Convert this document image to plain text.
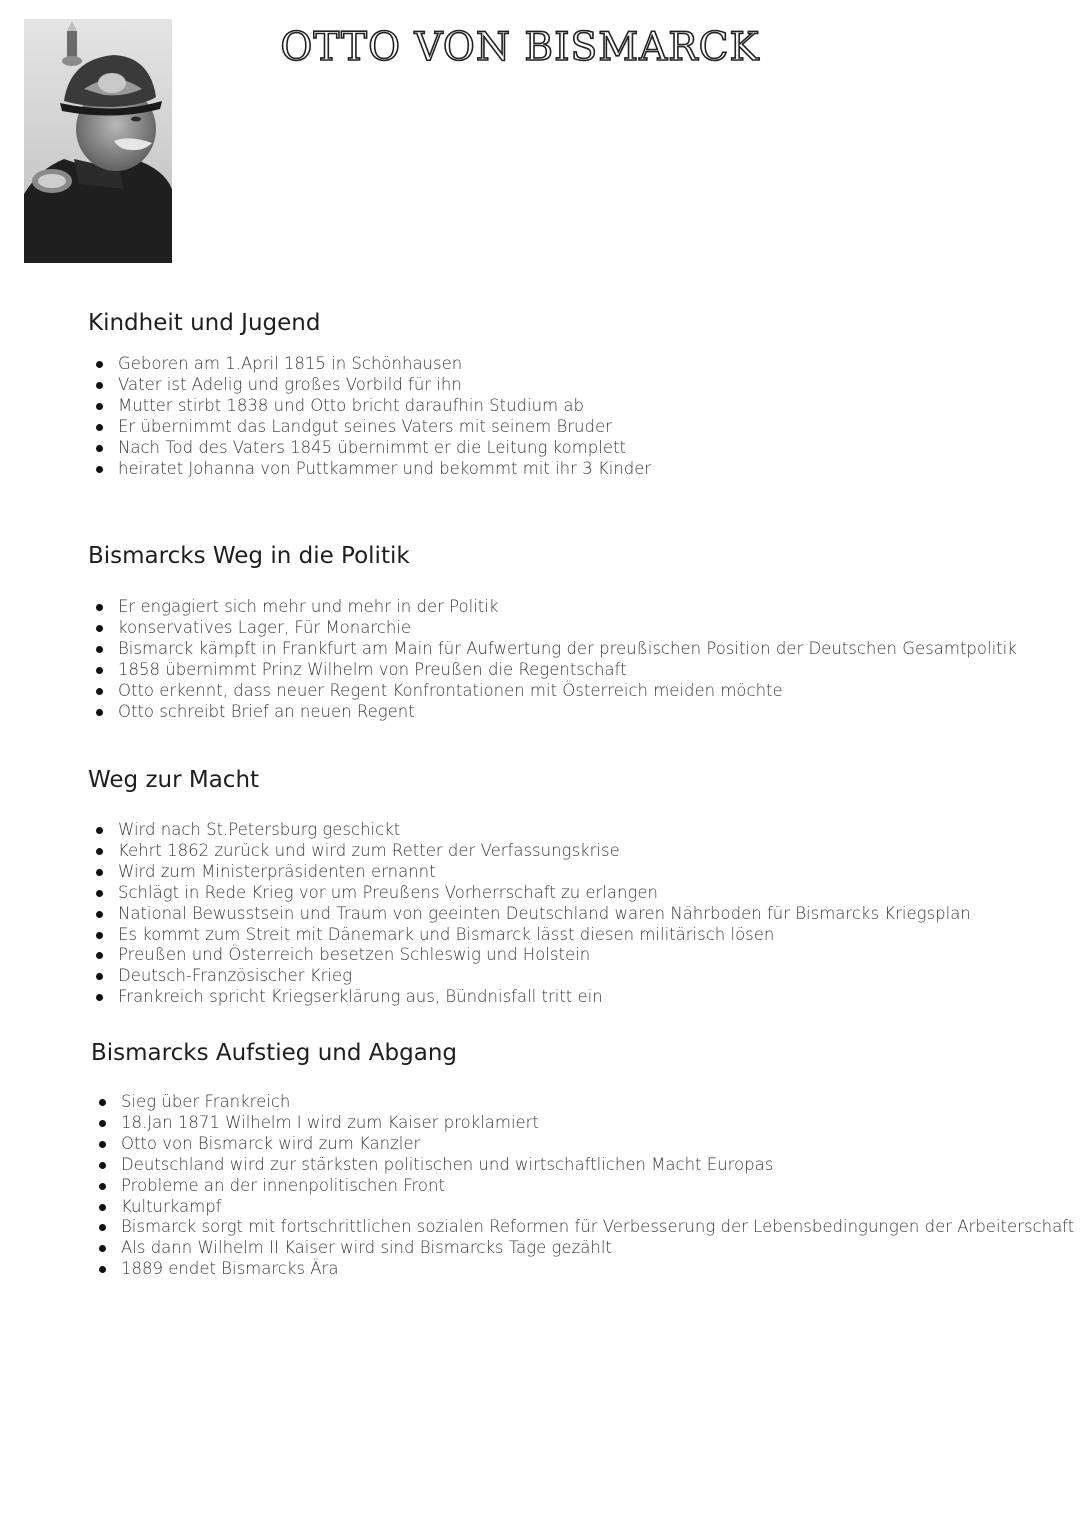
OTTO VON BISMARCK
Kindheit und Jugend
Geboren am 1.April 1815 in Schönhausen
Vater ist Adelig und großes Vorbild für ihn
Mutter stirbt 1838 und Otto bricht daraufhin Studium ab
Er übernimmt das Landgut seines Vaters mit seinem Bruder
Nach Tod des Vaters 1845 übernimmt er die Leitung komplett
heiratet Johanna von Puttkammer und bekommt mit ihr 3 Kinder
Bismarcks Weg in die Politik
Er engagiert sich mehr und mehr in der Politik
konservatives Lager, Für Monarchie
Bismarck kämpft in Frankfurt am Main für Aufwertung der preußischen Position der Deutschen Gesamtpolitik
1858 übernimmt Prinz Wilhelm von Preußen die Regentschaft
Otto erkennt, dass neuer Regent Konfrontationen mit Österreich meiden möchte
Otto schreibt Brief an neuen Regent
Weg zur Macht
Wird nach St.Petersburg geschickt
Kehrt 1862 zurück und wird zum Retter der Verfassungskrise
Wird zum Ministerpräsidenten ernannt
Schlägt in Rede Krieg vor um Preußens Vorherrschaft zu erlangen
National Bewusstsein und Traum von geeinten Deutschland waren Nährboden für Bismarcks Kriegsplan
Es kommt zum Streit mit Dänemark und Bismarck lässt diesen militärisch lösen
Preußen und Österreich besetzen Schleswig und Holstein
Deutsch-Französischer Krieg
Frankreich spricht Kriegserklärung aus, Bündnisfall tritt ein
Bismarcks Aufstieg und Abgang
Sieg über Frankreich
18.Jan 1871 Wilhelm I wird zum Kaiser proklamiert
Otto von Bismarck wird zum Kanzler
Deutschland wird zur stärksten politischen und wirtschaftlichen Macht Europas
Probleme an der innenpolitischen Front
Kulturkampf
Bismarck sorgt mit fortschrittlichen sozialen Reformen für Verbesserung der Lebensbedingungen der Arbeiterschaft
Als dann Wilhelm II Kaiser wird sind Bismarcks Tage gezählt
1889 endet Bismarcks Ära
